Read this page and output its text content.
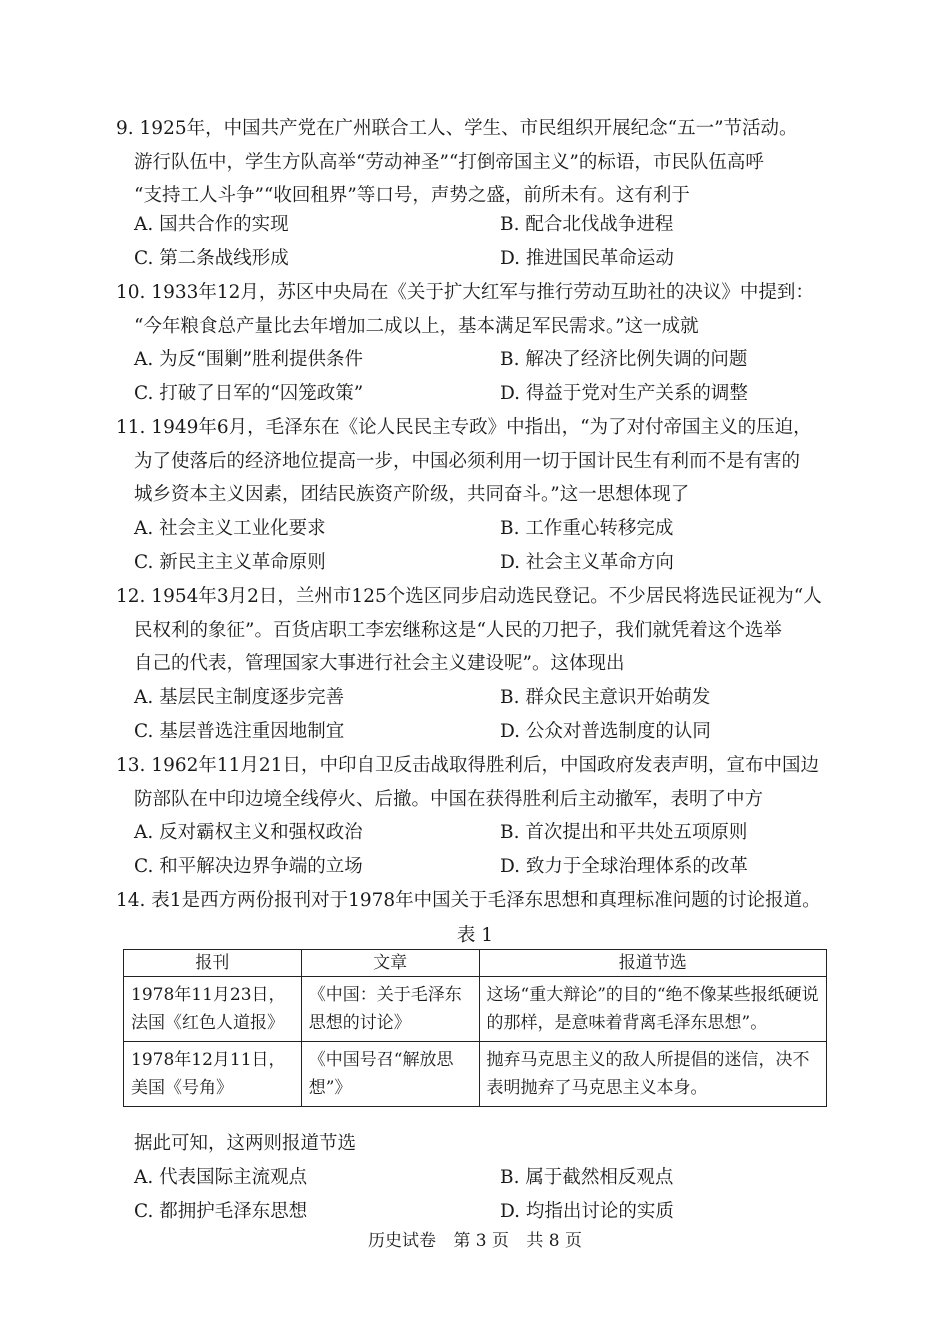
9. 1925年，中国共产党在广州联合工人、学生、市民组织开展纪念“五一”节活动。
游行队伍中，学生方队高举“劳动神圣”“打倒帝国主义”的标语，市民队伍高呼
“支持工人斗争”“收回租界”等口号，声势之盛，前所未有。这有利于
A. 国共合作的实现	B. 配合北伐战争进程
C. 第二条战线形成	D. 推进国民革命运动
10. 1933年12月，苏区中央局在《关于扩大红军与推行劳动互助社的决议》中提到：
“今年粮食总产量比去年增加二成以上，基本满足军民需求。”这一成就
A. 为反“围剿”胜利提供条件	B. 解决了经济比例失调的问题
C. 打破了日军的“囚笼政策”	D. 得益于党对生产关系的调整
11. 1949年6月，毛泽东在《论人民民主专政》中指出，“为了对付帝国主义的压迫，
为了使落后的经济地位提高一步，中国必须利用一切于国计民生有利而不是有害的
城乡资本主义因素，团结民族资产阶级，共同奋斗。”这一思想体现了
A. 社会主义工业化要求	B. 工作重心转移完成
C. 新民主主义革命原则	D. 社会主义革命方向
12. 1954年3月2日，兰州市125个选区同步启动选民登记。不少居民将选民证视为“人
民权利的象征”。百货店职工李宏继称这是“人民的刀把子，我们就凭着这个选举
自己的代表，管理国家大事进行社会主义建设呢”。这体现出
A. 基层民主制度逐步完善	B. 群众民主意识开始萌发
C. 基层普选注重因地制宜	D. 公众对普选制度的认同
13. 1962年11月21日，中印自卫反击战取得胜利后，中国政府发表声明，宣布中国边
防部队在中印边境全线停火、后撤。中国在获得胜利后主动撤军，表明了中方
A. 反对霸权主义和强权政治	B. 首次提出和平共处五项原则
C. 和平解决边界争端的立场	D. 致力于全球治理体系的改革
14. 表1是西方两份报刊对于1978年中国关于毛泽东思想和真理标准问题的讨论报道。
表 1
报刊	文章	报道节选
1978年11月23日，法国《红色人道报》	《中国：关于毛泽东思想的讨论》	这场“重大辩论”的目的“绝不像某些报纸硬说的那样，是意味着背离毛泽东思想”。
1978年12月11日，美国《号角》	《中国号召“解放思想”》	抛弃马克思主义的敌人所提倡的迷信，决不表明抛弃了马克思主义本身。
据此可知，这两则报道节选
A. 代表国际主流观点	B. 属于截然相反观点
C. 都拥护毛泽东思想	D. 均指出讨论的实质
历史试卷 第 3 页 共 8 页
